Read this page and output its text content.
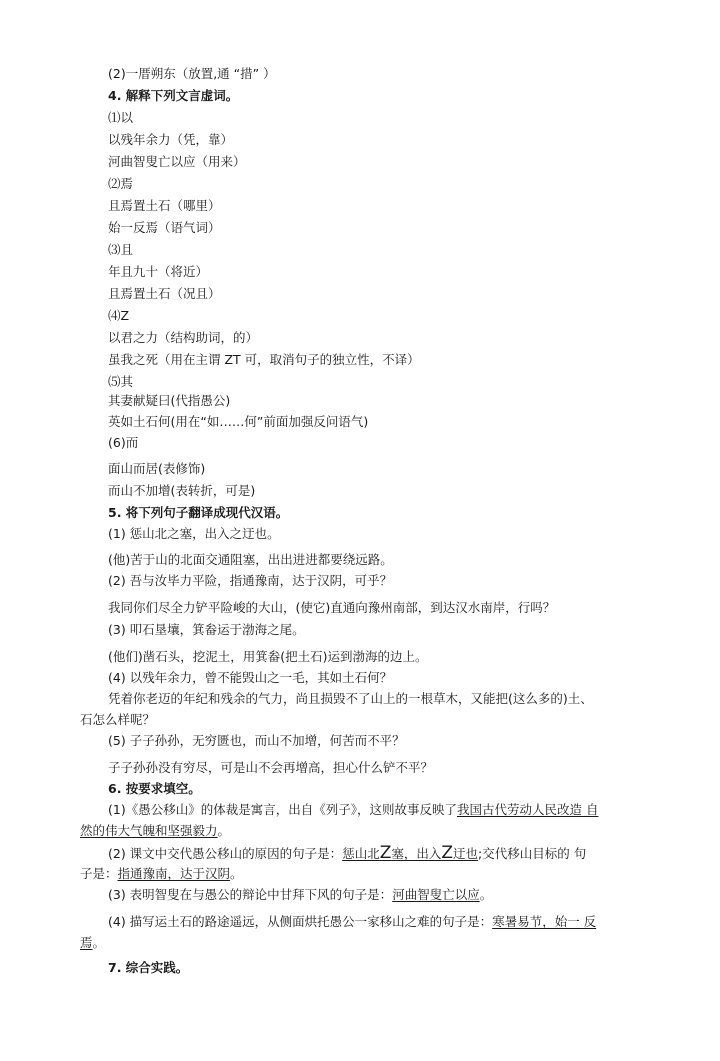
(2)一厝朔东（放置,通 “措” ）
4. 解释下列文言虚词。
⑴以
以残年余力（凭，靠）
河曲智叟亡以应（用来）
⑵焉
且焉置土石（哪里）
始一反焉（语气词）
⑶且
年且九十（将近）
且焉置土石（况且）
⑷Z
以君之力（结构助词，的）
虽我之死（用在主谓 ZT 可，取消句子的独立性，不译）
⑸其
其妻献疑曰(代指愚公)
英如土石何(用在“如……何”前面加强反问语气)
(6)而
面山而居(表修饰)
而山不加增(表转折，可是)
5. 将下列句子翻译成现代汉语。
(1) 惩山北之塞，出入之迂也。
(他)苦于山的北面交通阻塞，出出进进都要绕远路。
(2) 吾与汝毕力平险，指通豫南，达于汉阴，可乎？
我同你们尽全力铲平险峻的大山，(使它)直通向豫州南部，到达汉水南岸，行吗？
(3) 叩石垦壤，箕畚运于渤海之尾。
(他们)凿石头，挖泥土，用箕畚(把土石)运到渤海的边上。
(4) 以残年余力，曾不能毁山之一毛，其如土石何？
凭着你老迈的年纪和残余的气力，尚且损毁不了山上的一根草木，又能把(这么多的)土、
石怎么样呢？
(5) 子子孙孙，无穷匮也，而山不加增，何苦而不平？
子子孙孙没有穷尽，可是山不会再增高，担心什么铲不平？
6. 按要求填空。
(1)《愚公移山》的体裁是寓言，出自《列子》，这则故事反映了我国古代劳动人民改造 自
然的伟大气魄和坚强毅力。
(2) 课文中交代愚公移山的原因的句子是：惩山北Z塞，出入Z迂也;交代移山目标的 句
子是：指通豫南，达于汉阴。
(3) 表明智叟在与愚公的辩论中甘拜下风的句子是：河曲智叟亡以应。
(4) 描写运土石的路途遥远，从侧面烘托愚公一家移山之难的句子是：寒暑易节，始一 反
焉。
7. 综合实践。
